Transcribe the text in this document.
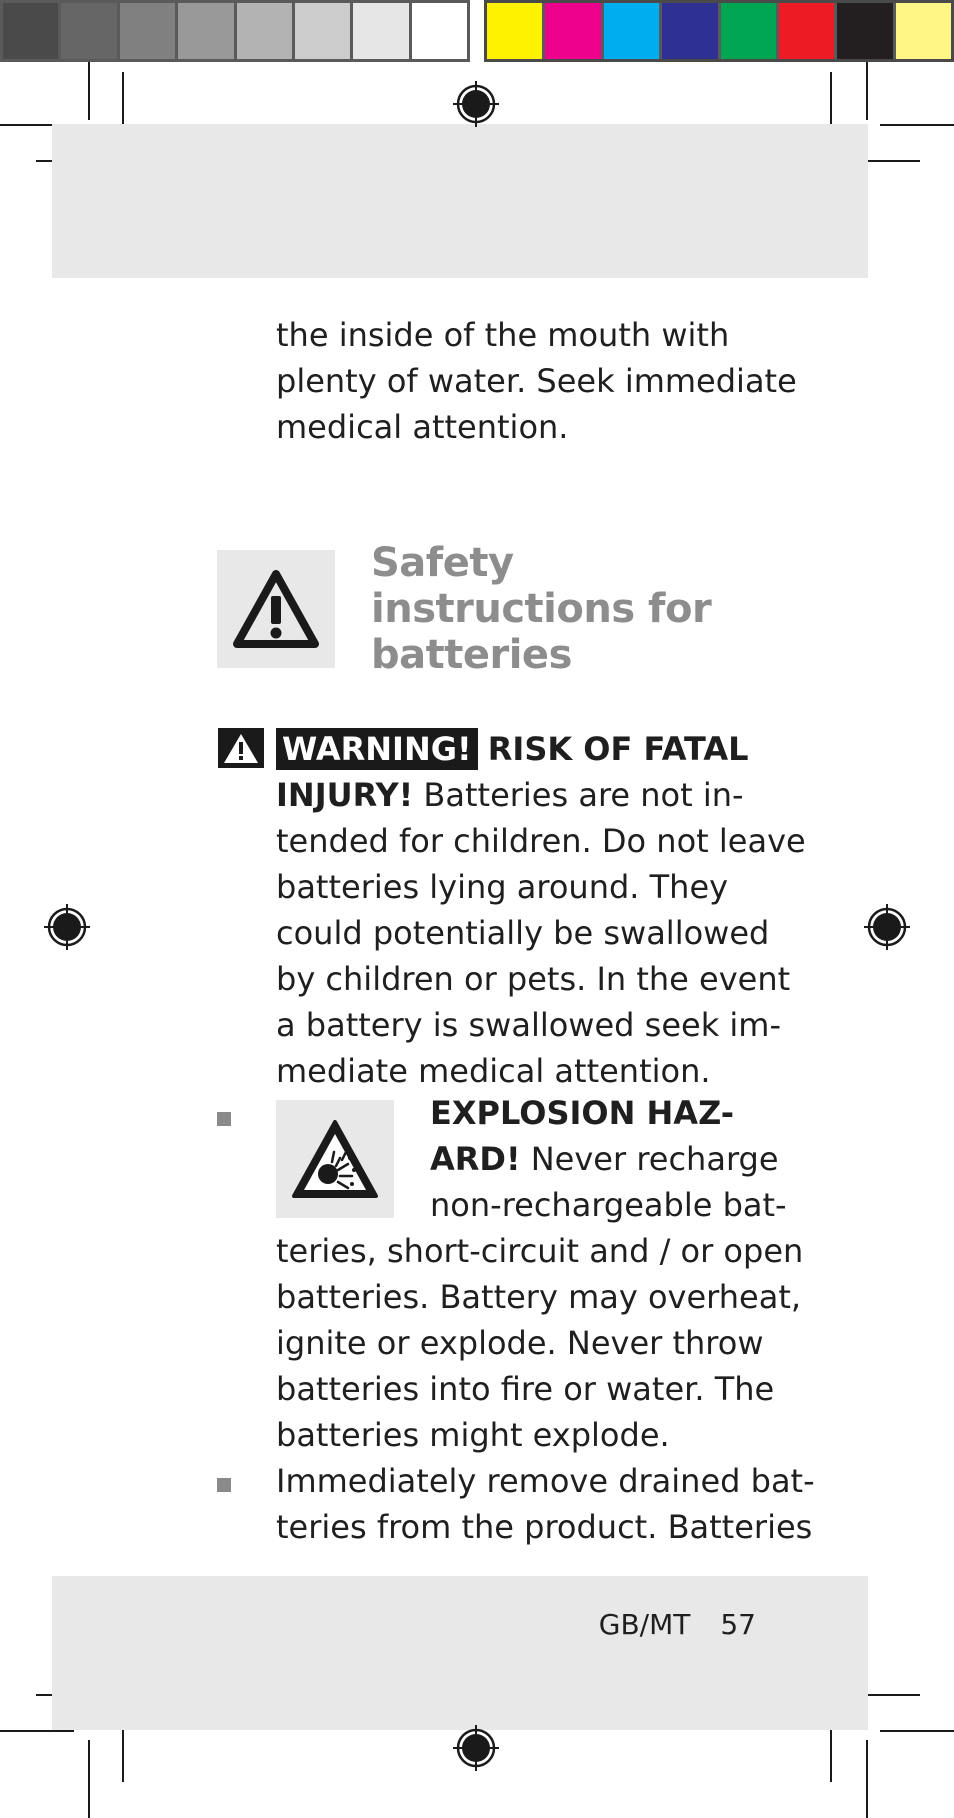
the inside of the mouth with

plenty of water. Seek immediate

medical attention.

Safety
instructions for
batteries

WARNING! RISK OF FATAL

INJURY! Batteries are not in-

tended for children. Do not leave

batteries lying around. They

could potentially be swallowed

by children or pets. In the event

a battery is swallowed seek im-

mediate medical attention.

EXPLOSION HAZ-

ARD! Never recharge

non-rechargeable bat-

teries, short-circuit and / or open

batteries. Battery may overheat,

ignite or explode. Never throw

batteries into fire or water. The

batteries might explode.

Immediately remove drained bat-

teries from the product. Batteries

GB/MT 57
